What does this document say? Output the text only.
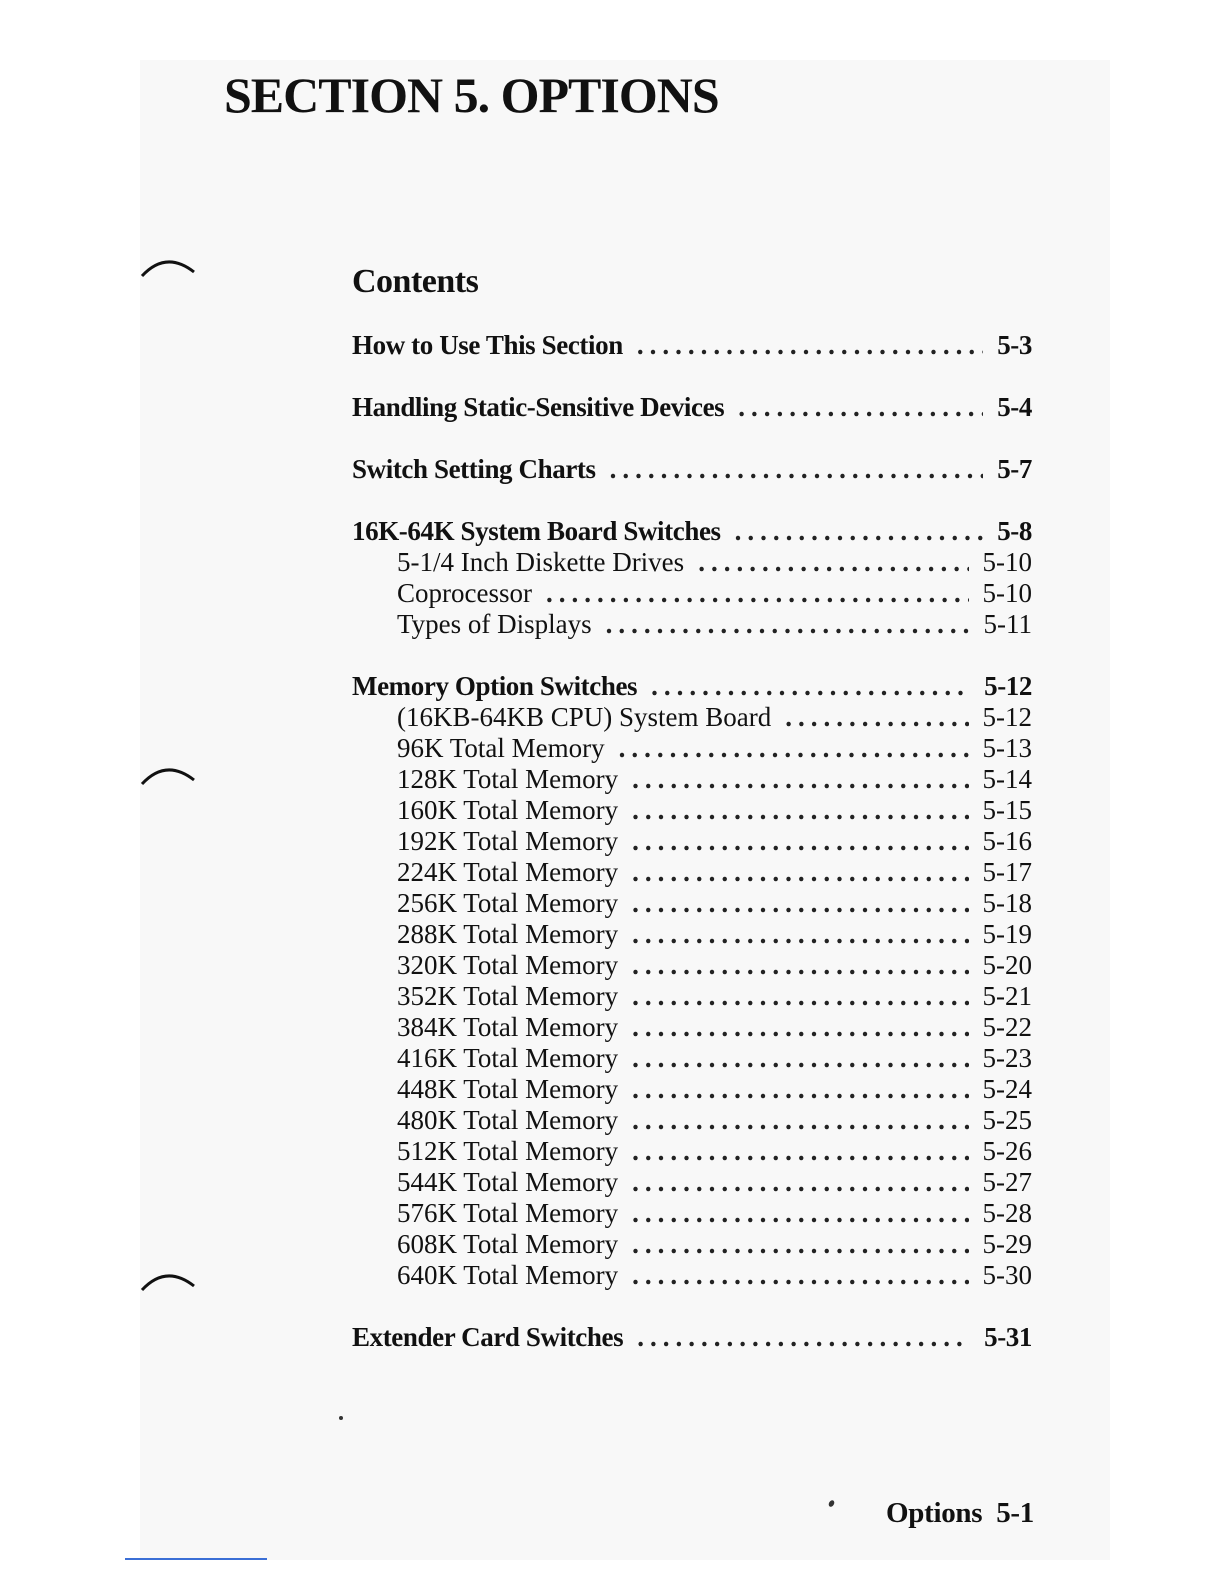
SECTION 5. OPTIONS
Contents
How to Use This Section .....	5-3
Handling Static-Sensitive Devices .....	5-4
Switch Setting Charts .....	5-7
16K-64K System Board Switches .....	5-8
5-1/4 Inch Diskette Drives .....	5-10
Coprocessor .....	5-10
Types of Displays .....	5-11
Memory Option Switches .....	5-12
(16KB-64KB CPU) System Board .....	5-12
96K Total Memory .....	5-13
128K Total Memory .....	5-14
160K Total Memory .....	5-15
192K Total Memory .....	5-16
224K Total Memory .....	5-17
256K Total Memory .....	5-18
288K Total Memory .....	5-19
320K Total Memory .....	5-20
352K Total Memory .....	5-21
384K Total Memory .....	5-22
416K Total Memory .....	5-23
448K Total Memory .....	5-24
480K Total Memory .....	5-25
512K Total Memory .....	5-26
544K Total Memory .....	5-27
576K Total Memory .....	5-28
608K Total Memory .....	5-29
640K Total Memory .....	5-30
Extender Card Switches .....	5-31
Options 5-1
